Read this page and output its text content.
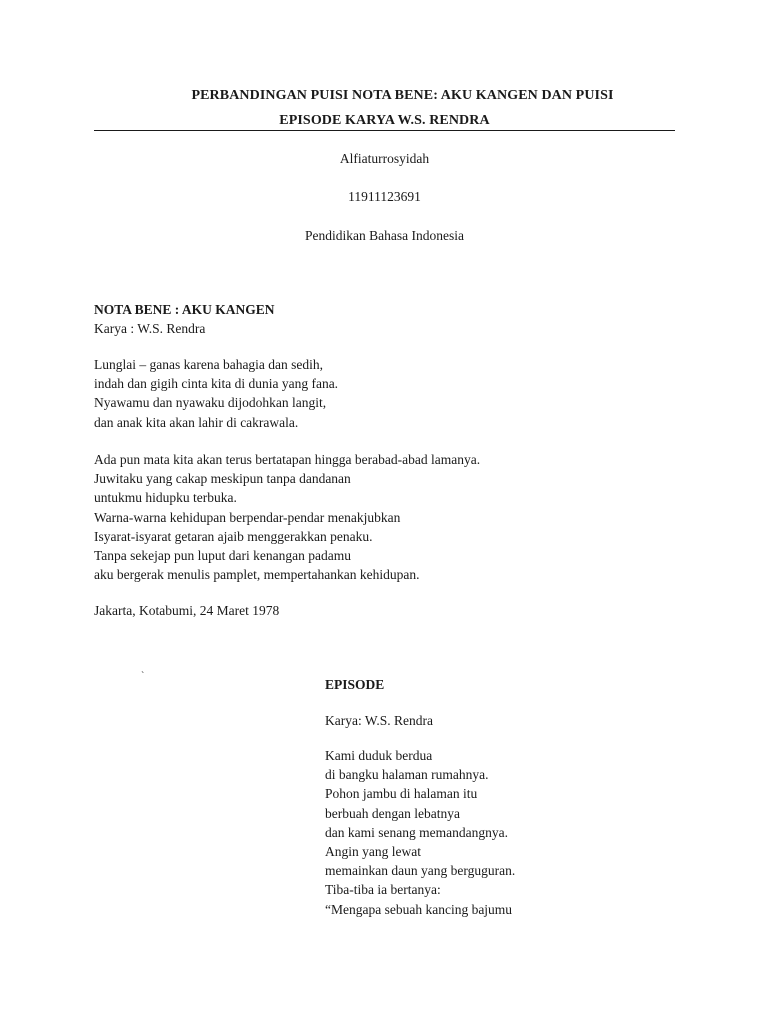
PERBANDINGAN PUISI NOTA BENE: AKU KANGEN DAN PUISI
EPISODE KARYA W.S. RENDRA
Alfiaturrosyidah
11911123691
Pendidikan Bahasa Indonesia
NOTA BENE : AKU KANGEN
Karya : W.S. Rendra
Lunglai – ganas karena bahagia dan sedih,
indah dan gigih cinta kita di dunia yang fana.
Nyawamu dan nyawaku dijodohkan langit,
dan anak kita akan lahir di cakrawala.
Ada pun mata kita akan terus bertatapan hingga berabad-abad lamanya.
Juwitaku yang cakap meskipun tanpa dandanan
untukmu hidupku terbuka.
Warna-warna kehidupan berpendar-pendar menakjubkan
Isyarat-isyarat getaran ajaib menggerakkan penaku.
Tanpa sekejap pun luput dari kenangan padamu
aku bergerak menulis pamplet, mempertahankan kehidupan.
Jakarta, Kotabumi, 24 Maret 1978
`
EPISODE
Karya: W.S. Rendra
Kami duduk berdua
di bangku halaman rumahnya.
Pohon jambu di halaman itu
berbuah dengan lebatnya
dan kami senang memandangnya.
Angin yang lewat
memainkan daun yang berguguran.
Tiba-tiba ia bertanya:
“Mengapa sebuah kancing bajumu
